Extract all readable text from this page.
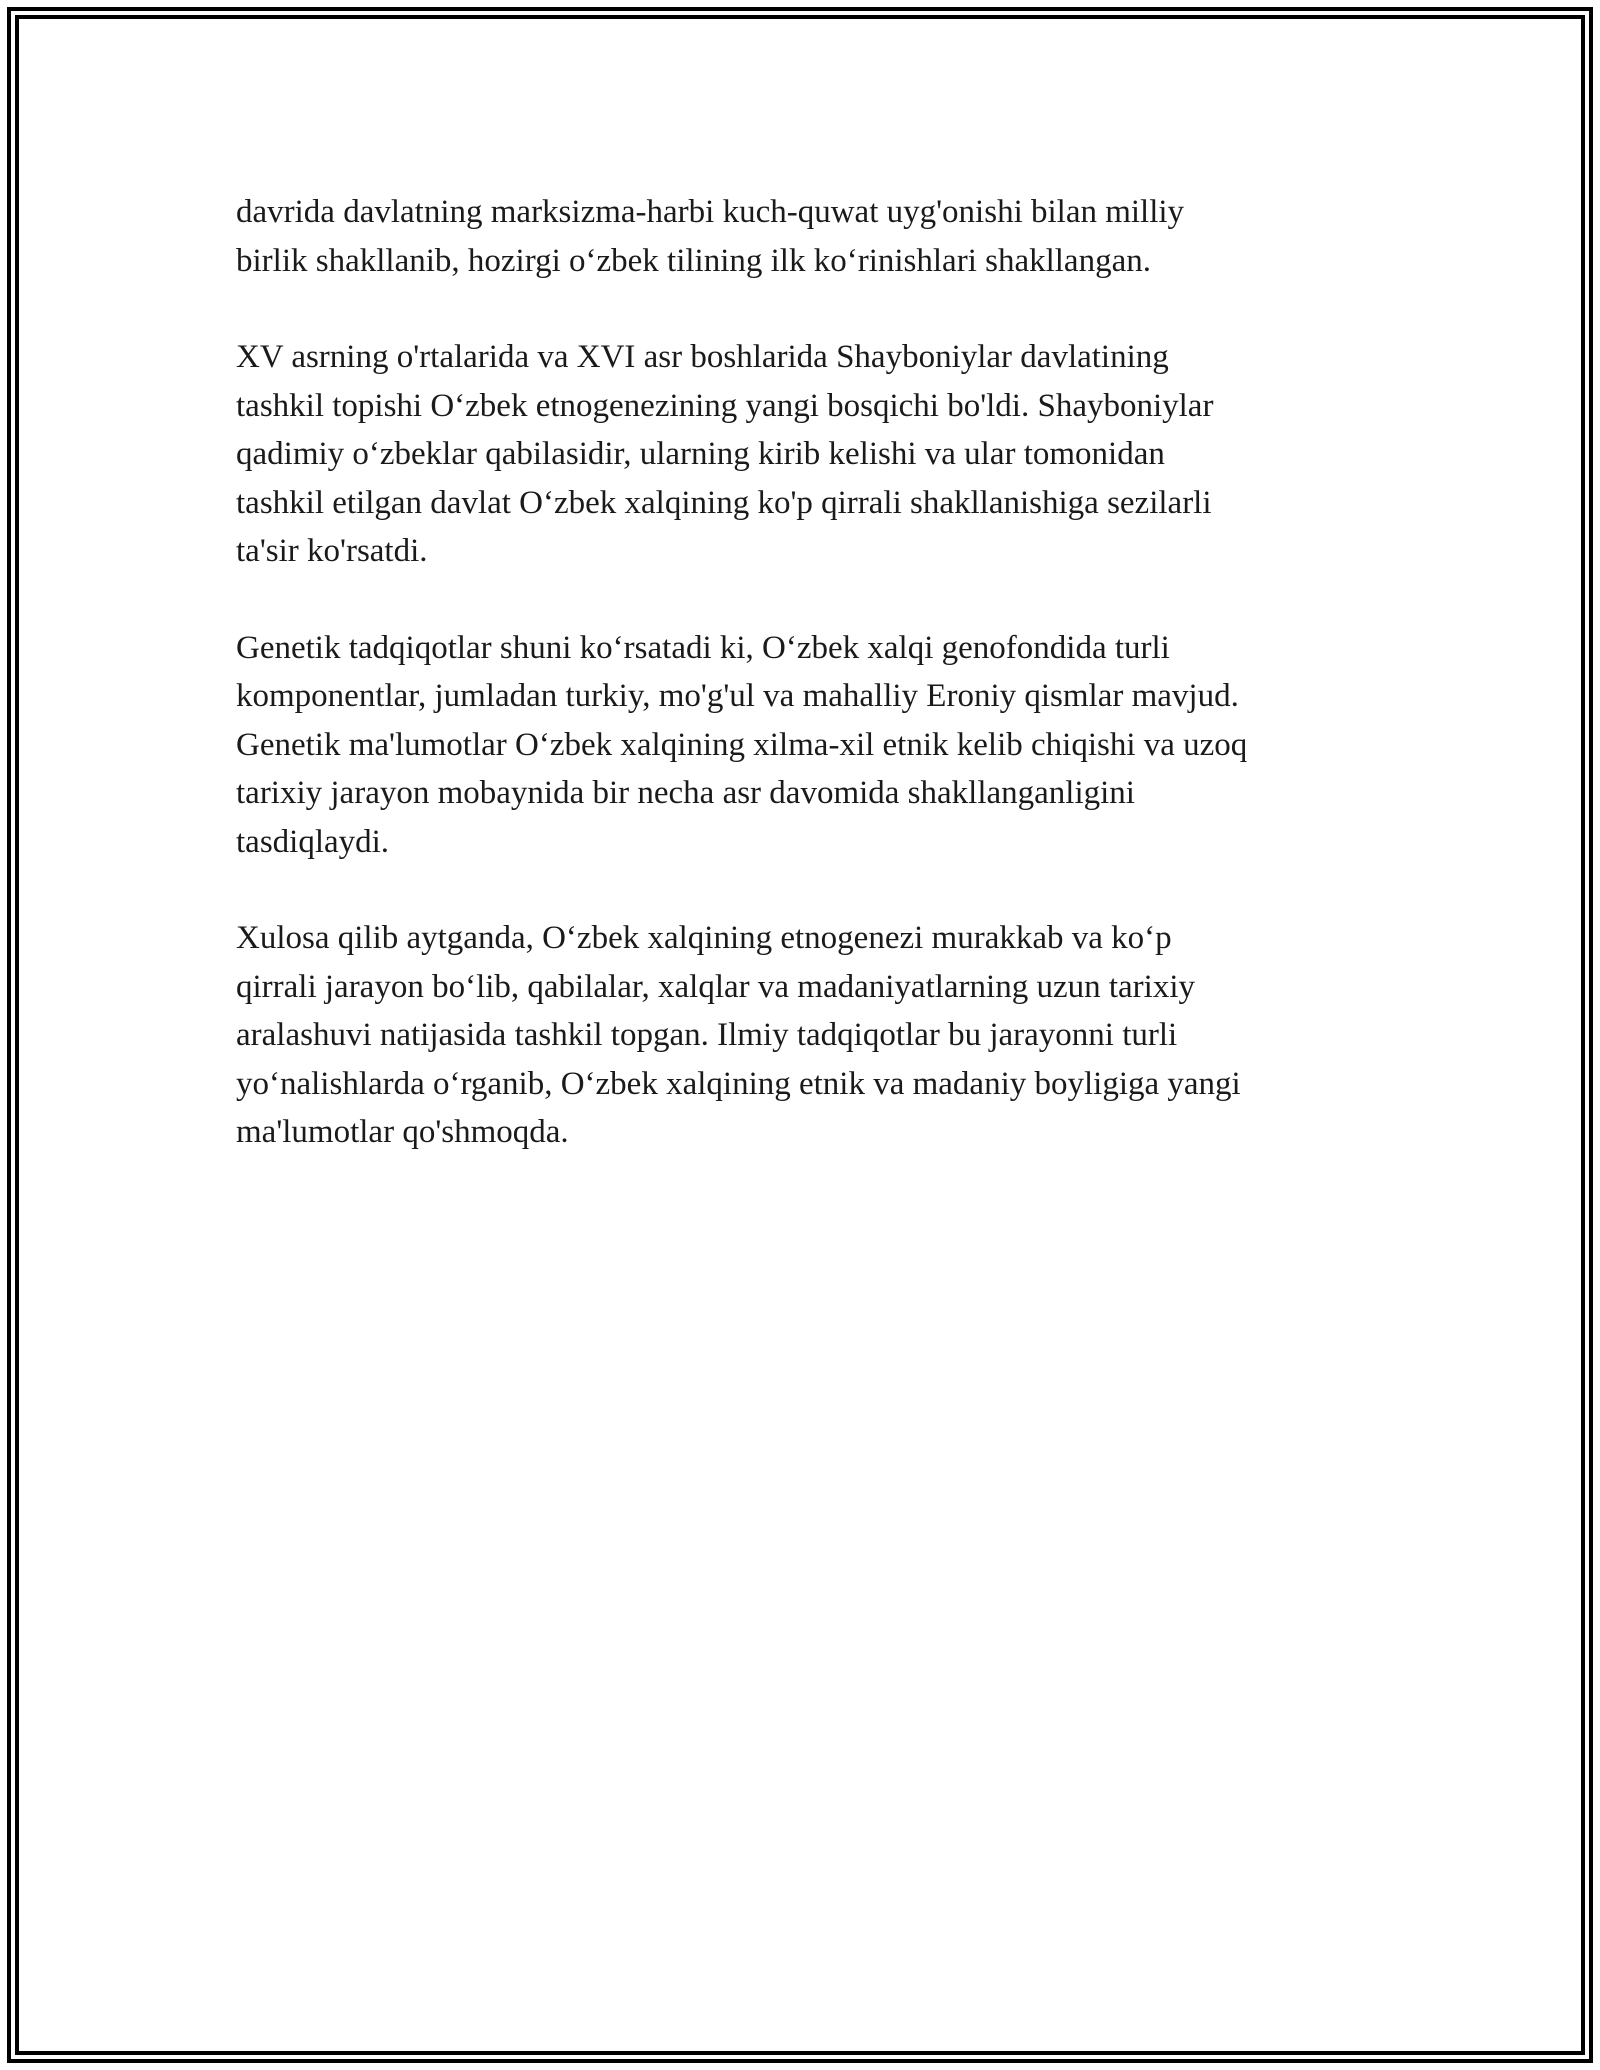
davrida davlatning marksizma-harbi kuch-quwat uyg'onishi bilan milliy
birlik shakllanib, hozirgi o‘zbek tilining ilk ko‘rinishlari shakllangan.

XV asrning o'rtalarida va XVI asr boshlarida Shayboniylar davlatining
tashkil topishi O‘zbek etnogenezining yangi bosqichi bo'ldi. Shayboniylar
qadimiy o‘zbeklar qabilasidir, ularning kirib kelishi va ular tomonidan
tashkil etilgan davlat O‘zbek xalqining ko'p qirrali shakllanishiga sezilarli
ta'sir ko'rsatdi.

Genetik tadqiqotlar shuni ko‘rsatadi ki, O‘zbek xalqi genofondida turli
komponentlar, jumladan turkiy, mo'g'ul va mahalliy Eroniy qismlar mavjud.
Genetik ma'lumotlar O‘zbek xalqining xilma-xil etnik kelib chiqishi va uzoq
tarixiy jarayon mobaynida bir necha asr davomida shakllanganligini
tasdiqlaydi.

Xulosa qilib aytganda, O‘zbek xalqining etnogenezi murakkab va ko‘p
qirrali jarayon bo‘lib, qabilalar, xalqlar va madaniyatlarning uzun tarixiy
aralashuvi natijasida tashkil topgan. Ilmiy tadqiqotlar bu jarayonni turli
yo‘nalishlarda o‘rganib, O‘zbek xalqining etnik va madaniy boyligiga yangi
ma'lumotlar qo'shmoqda.
